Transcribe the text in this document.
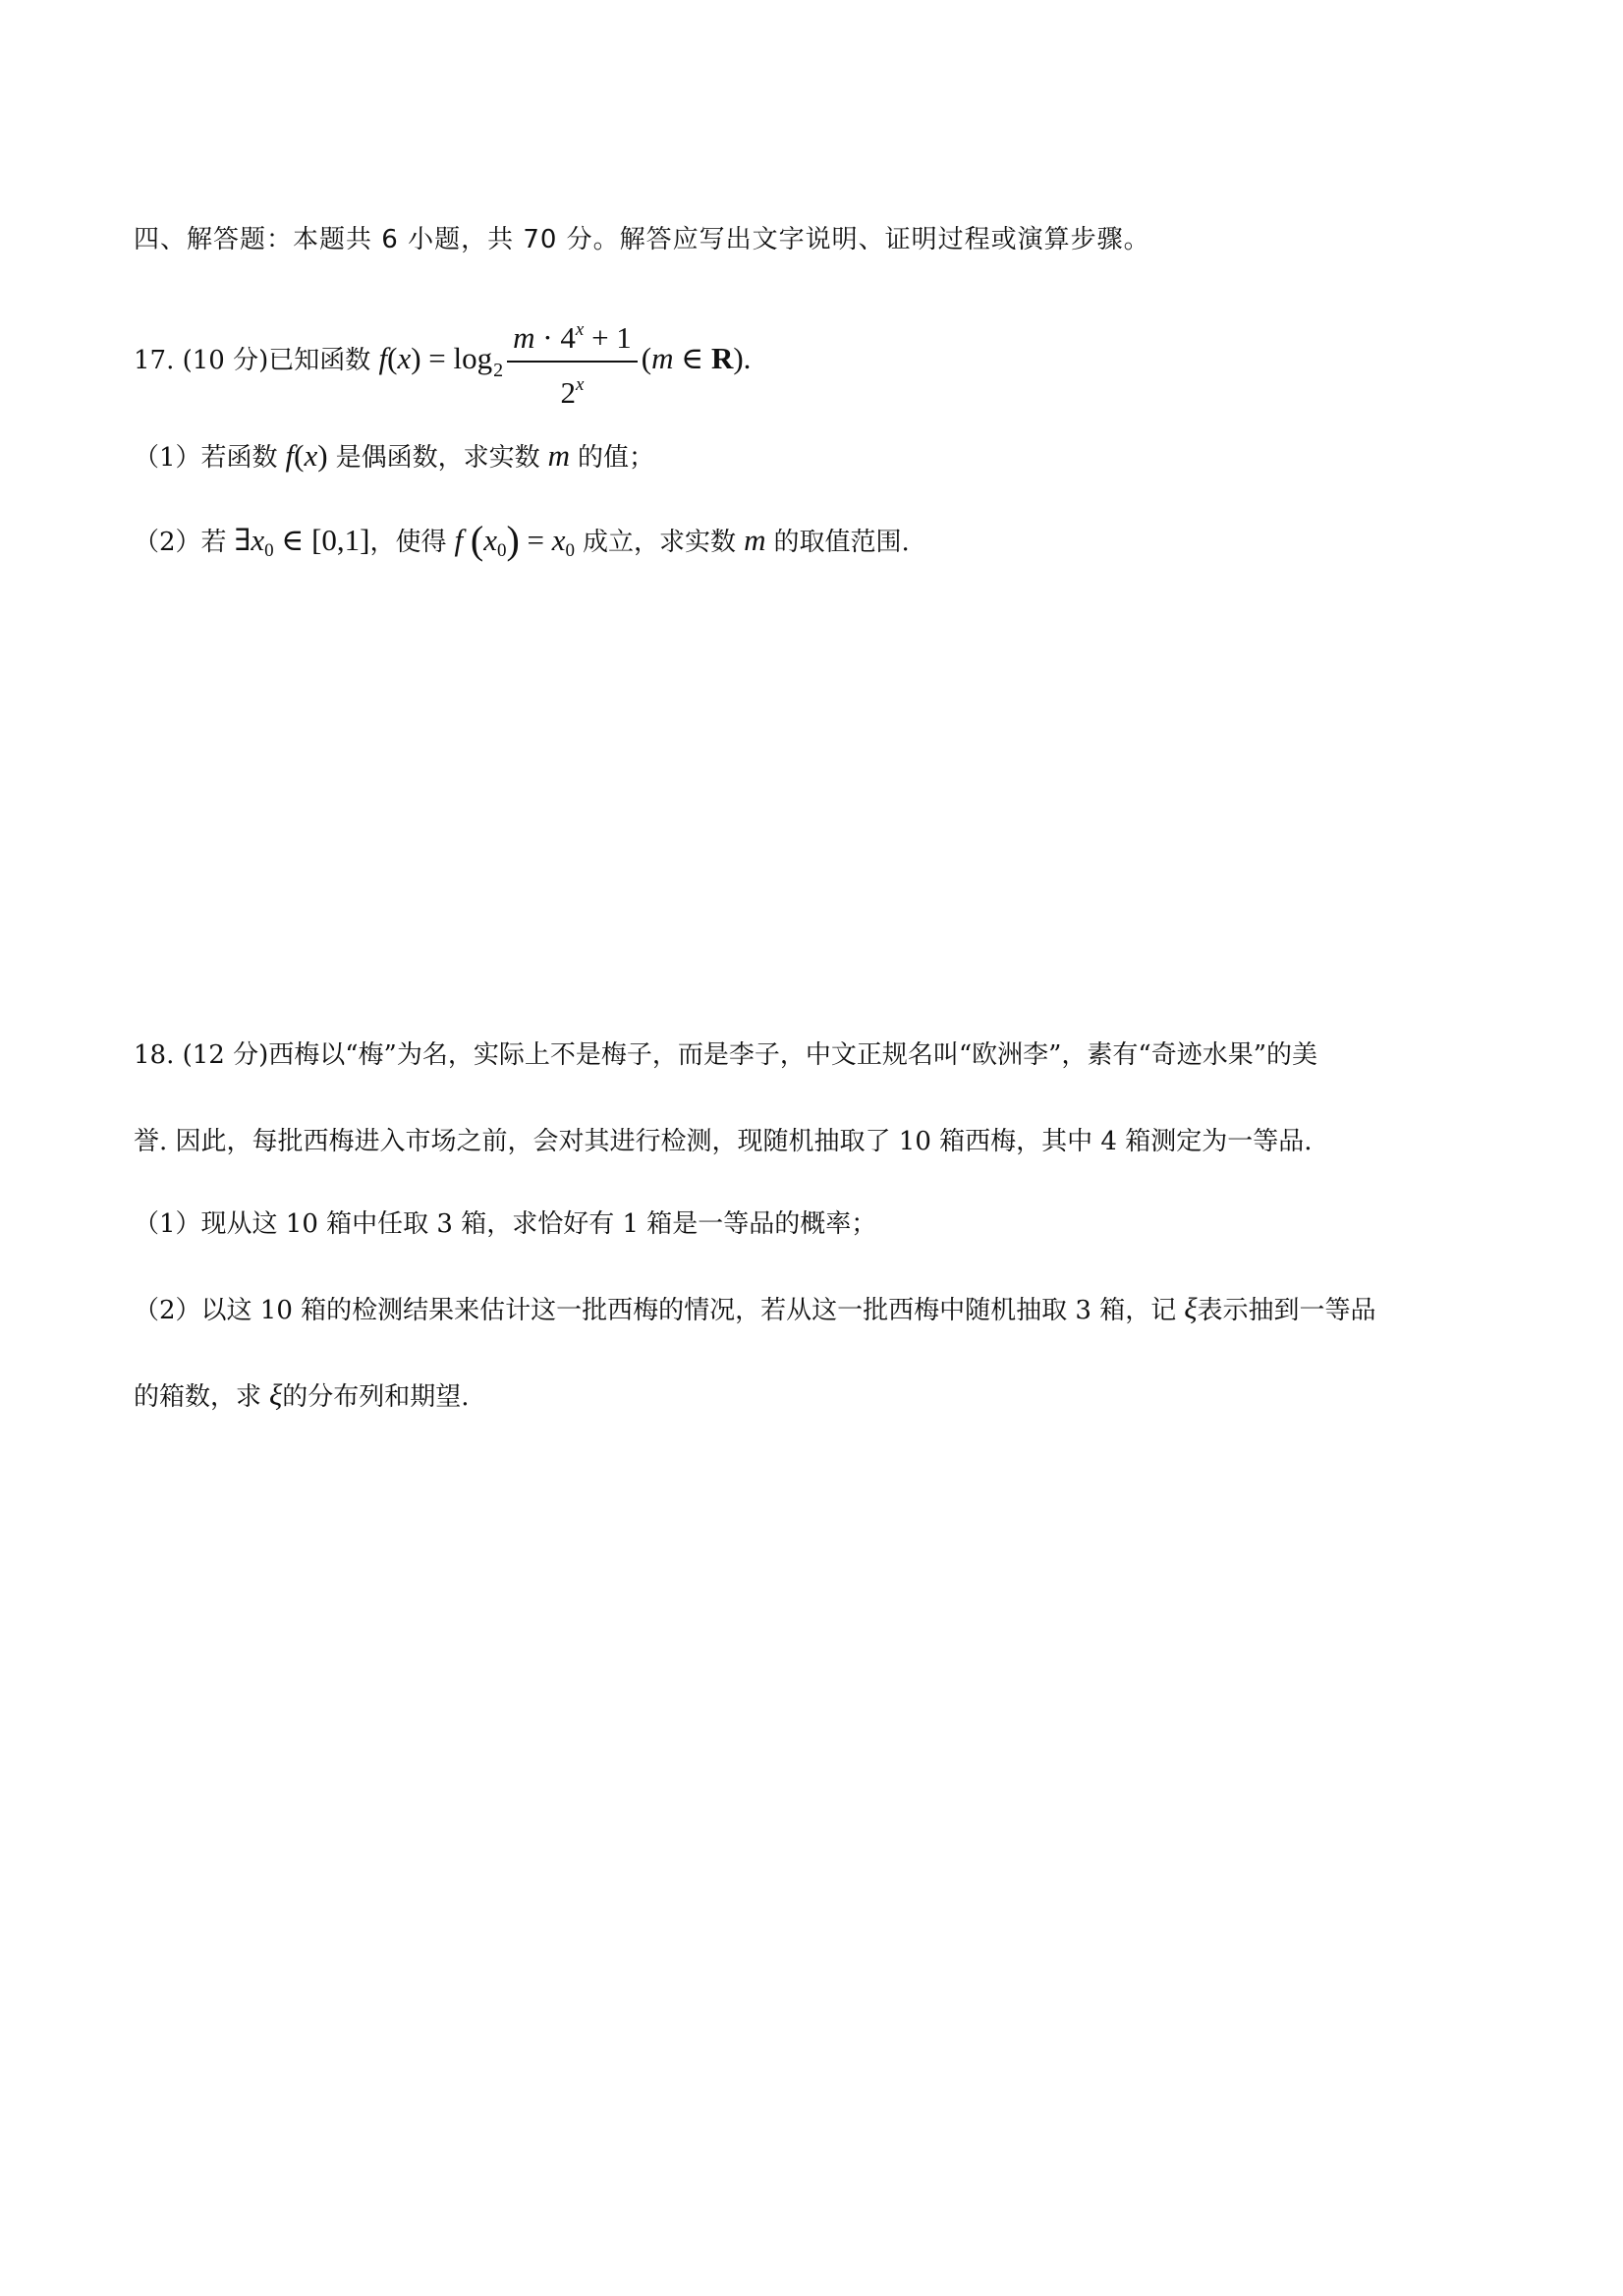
四、解答题：本题共 6 小题，共 70 分。解答应写出文字说明、证明过程或演算步骤。
17. (10 分)已知函数 $f(x) = \log_2 \frac{m \cdot 4^x + 1}{2^x} (m$ ∈ R).
（1）若函数 f(x) 是偶函数，求实数 m 的值；
（2）若 $\exists x_0$ ∈ [0,1]，使得 f $(x_0) = x_0$ 成立，求实数 m 的取值范围.
18. (12 分)西梅以“梅”为名，实际上不是梅子，而是李子，中文正规名叫“欧洲李”，素有“奇迹水果”的美
誉. 因此，每批西梅进入市场之前，会对其进行检测，现随机抽取了 10 箱西梅，其中 4 箱测定为一等品.
（1）现从这 10 箱中任取 3 箱，求恰好有 1 箱是一等品的概率；
（2）以这 10 箱的检测结果来估计这一批西梅的情况，若从这一批西梅中随机抽取 3 箱，记 ξ表示抽到一等品
的箱数，求 ξ的分布列和期望.
